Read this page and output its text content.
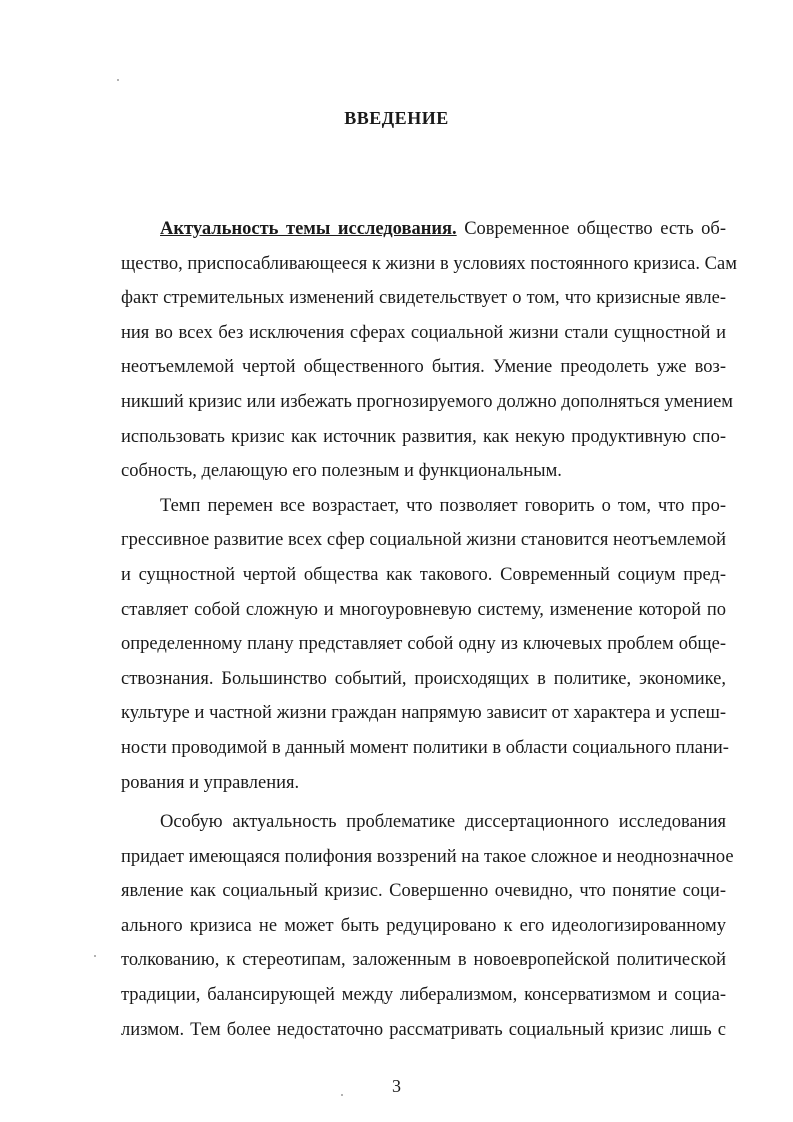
ВВЕДЕНИЕ
Актуальность темы исследования. Современное общество есть об-
щество, приспосабливающееся к жизни в условиях постоянного кризиса. Сам
факт стремительных изменений свидетельствует о том, что кризисные явле-
ния во всех без исключения сферах социальной жизни стали сущностной и
неотъемлемой чертой общественного бытия. Умение преодолеть уже воз-
никший кризис или избежать прогнозируемого должно дополняться умением
использовать кризис как источник развития, как некую продуктивную спо-
собность, делающую его полезным и функциональным.
Темп перемен все возрастает, что позволяет говорить о том, что про-
грессивное развитие всех сфер социальной жизни становится неотъемлемой
и сущностной чертой общества как такового. Современный социум пред-
ставляет собой сложную и многоуровневую систему, изменение которой по
определенному плану представляет собой одну из ключевых проблем обще-
ствознания. Большинство событий, происходящих в политике, экономике,
культуре и частной жизни граждан напрямую зависит от характера и успеш-
ности проводимой в данный момент политики в области социального плани-
рования и управления.
Особую актуальность проблематике диссертационного исследования
придает имеющаяся полифония воззрений на такое сложное и неоднозначное
явление как социальный кризис. Совершенно очевидно, что понятие соци-
ального кризиса не может быть редуцировано к его идеологизированному
толкованию, к стереотипам, заложенным в новоевропейской политической
традиции, балансирующей между либерализмом, консерватизмом и социа-
лизмом. Тем более недостаточно рассматривать социальный кризис лишь с
3
